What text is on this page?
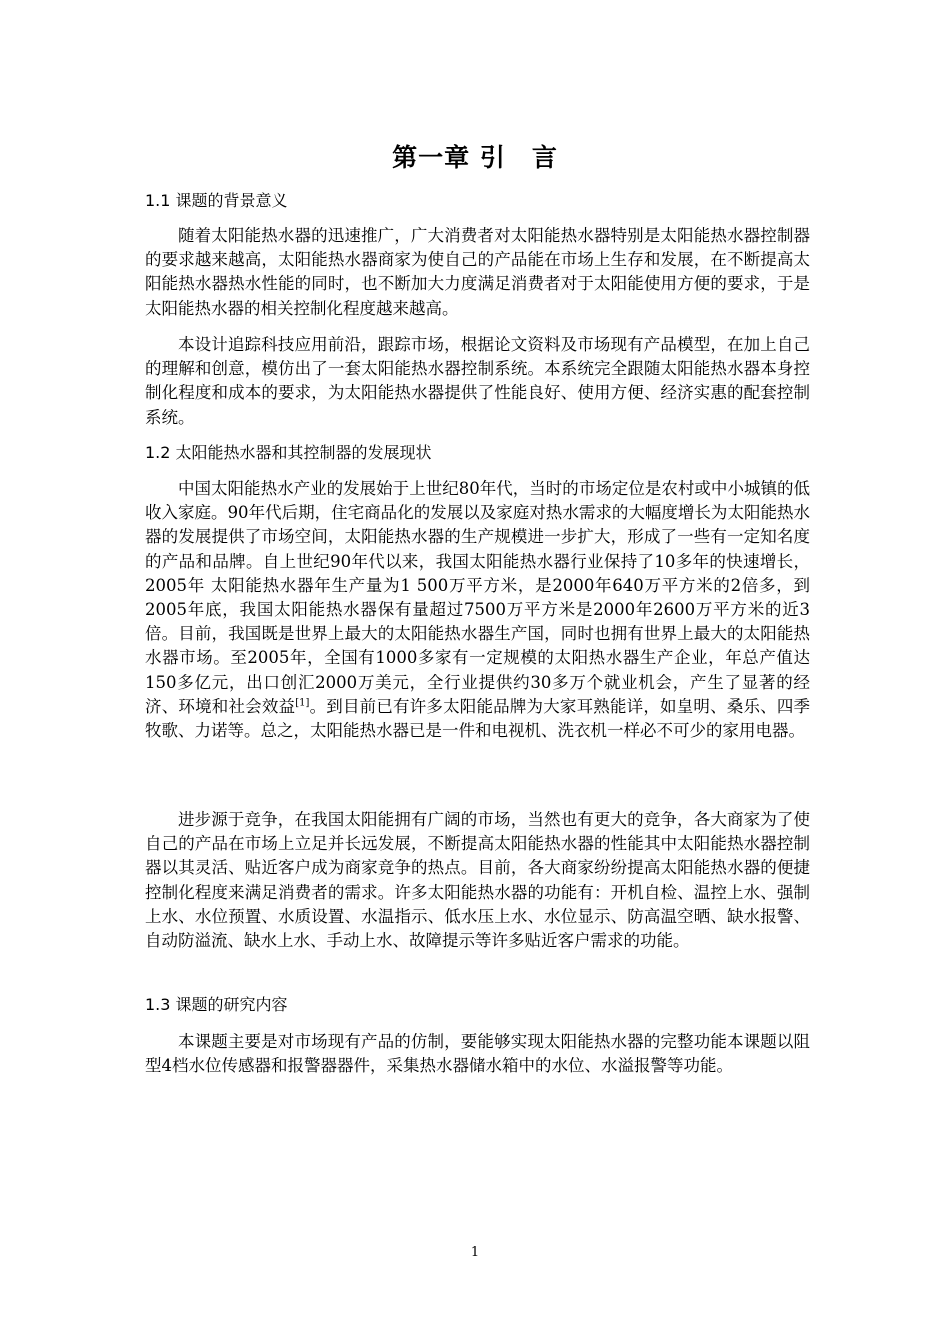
第一章 引　言
1.1 课题的背景意义
随着太阳能热水器的迅速推广，广大消费者对太阳能热水器特别是太阳能热水器控制器的要求越来越高，太阳能热水器商家为使自己的产品能在市场上生存和发展，在不断提高太阳能热水器热水性能的同时，也不断加大力度满足消费者对于太阳能使用方便的要求，于是太阳能热水器的相关控制化程度越来越高。
本设计追踪科技应用前沿，跟踪市场，根据论文资料及市场现有产品模型，在加上自己的理解和创意，模仿出了一套太阳能热水器控制系统。本系统完全跟随太阳能热水器本身控制化程度和成本的要求，为太阳能热水器提供了性能良好、使用方便、经济实惠的配套控制系统。
1.2 太阳能热水器和其控制器的发展现状
中国太阳能热水产业的发展始于上世纪80年代，当时的市场定位是农村或中小城镇的低收入家庭。90年代后期，住宅商品化的发展以及家庭对热水需求的大幅度增长为太阳能热水器的发展提供了市场空间，太阳能热水器的生产规模进一步扩大，形成了一些有一定知名度的产品和品牌。自上世纪90年代以来，我国太阳能热水器行业保持了10多年的快速增长，2005年 太阳能热水器年生产量为1 500万平方米，是2000年640万平方米的2倍多，到2005年底，我国太阳能热水器保有量超过7500万平方米是2000年2600万平方米的近3倍。目前，我国既是世界上最大的太阳能热水器生产国，同时也拥有世界上最大的太阳能热水器市场。至2005年，全国有1000多家有一定规模的太阳热水器生产企业，年总产值达150多亿元，出口创汇2000万美元，全行业提供约30多万个就业机会，产生了显著的经济、环境和社会效益[1]。到目前已有许多太阳能品牌为大家耳熟能详，如皇明、桑乐、四季牧歌、力诺等。总之，太阳能热水器已是一件和电视机、洗衣机一样必不可少的家用电器。
进步源于竞争，在我国太阳能拥有广阔的市场，当然也有更大的竞争，各大商家为了使自己的产品在市场上立足并长远发展，不断提高太阳能热水器的性能其中太阳能热水器控制器以其灵活、贴近客户成为商家竞争的热点。目前，各大商家纷纷提高太阳能热水器的便捷控制化程度来满足消费者的需求。许多太阳能热水器的功能有：开机自检、温控上水、强制上水、水位预置、水质设置、水温指示、低水压上水、水位显示、防高温空晒、缺水报警、自动防溢流、缺水上水、手动上水、故障提示等许多贴近客户需求的功能。
1.3 课题的研究内容
本课题主要是对市场现有产品的仿制，要能够实现太阳能热水器的完整功能本课题以阻型4档水位传感器和报警器器件，采集热水器储水箱中的水位、水溢报警等功能。
1
